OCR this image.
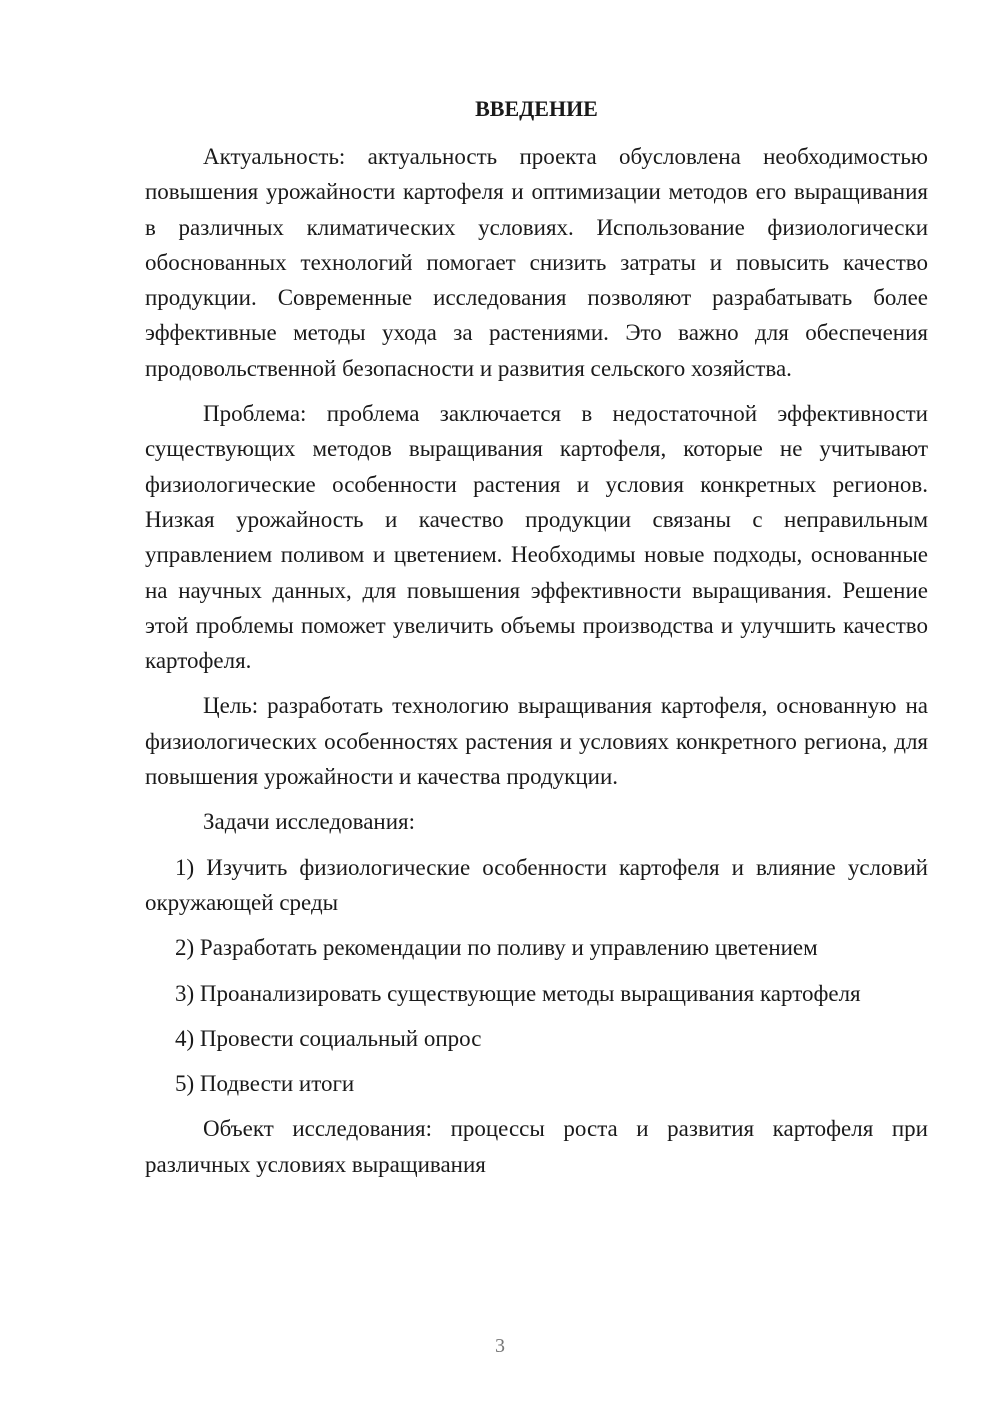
ВВЕДЕНИЕ

Актуальность: актуальность проекта обусловлена необходимостью повышения урожайности картофеля и оптимизации методов его выращивания в различных климатических условиях. Использование физиологически обоснованных технологий помогает снизить затраты и повысить качество продукции. Современные исследования позволяют разрабатывать более эффективные методы ухода за растениями. Это важно для обеспечения продовольственной безопасности и развития сельского хозяйства.

Проблема: проблема заключается в недостаточной эффективности существующих методов выращивания картофеля, которые не учитывают физиологические особенности растения и условия конкретных регионов. Низкая урожайность и качество продукции связаны с неправильным управлением поливом и цветением. Необходимы новые подходы, основанные на научных данных, для повышения эффективности выращивания. Решение этой проблемы поможет увеличить объемы производства и улучшить качество картофеля.

Цель: разработать технологию выращивания картофеля, основанную на физиологических особенностях растения и условиях конкретного региона, для повышения урожайности и качества продукции.

Задачи исследования:

1) Изучить физиологические особенности картофеля и влияние условий окружающей среды

2) Разработать рекомендации по поливу и управлению цветением

3) Проанализировать существующие методы выращивания картофеля

4) Провести социальный опрос

5) Подвести итоги

Объект исследования: процессы роста и развития картофеля при различных условиях выращивания

3
